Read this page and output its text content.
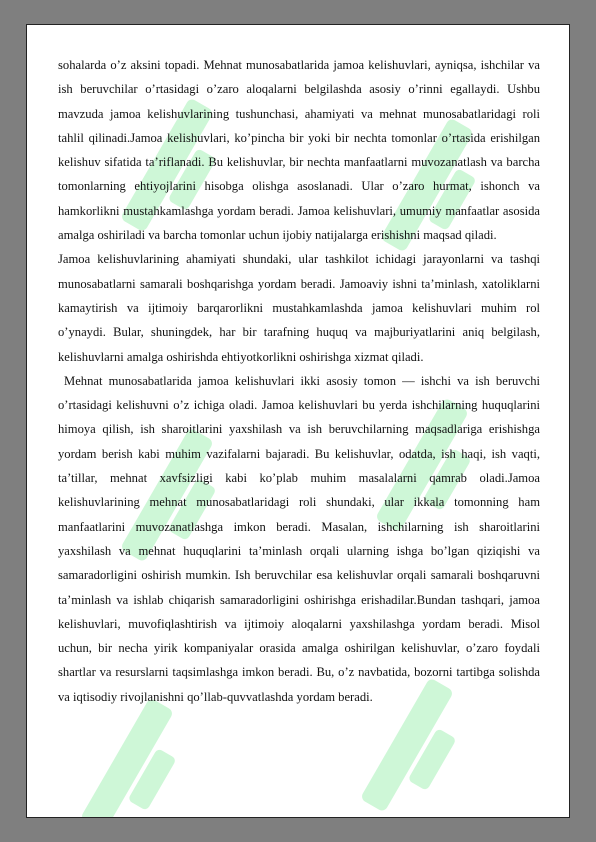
sohalarda o’z aksini topadi. Mehnat munosabatlarida jamoa kelishuvlari, ayniqsa, ishchilar va ish beruvchilar o’rtasidagi o’zaro aloqalarni belgilashda asosiy o’rinni egallaydi. Ushbu mavzuda jamoa kelishuvlarining tushunchasi, ahamiyati va mehnat munosabatlaridagi roli tahlil qilinadi.Jamoa kelishuvlari, ko’pincha bir yoki bir nechta tomonlar o’rtasida erishilgan kelishuv sifatida ta’riflanadi. Bu kelishuvlar, bir nechta manfaatlarni muvozanatlash va barcha tomonlarning ehtiyojlarini hisobga olishga asoslanadi. Ular o’zaro hurmat, ishonch va hamkorlikni mustahkamlashga yordam beradi. Jamoa kelishuvlari, umumiy manfaatlar asosida amalga oshiriladi va barcha tomonlar uchun ijobiy natijalarga erishishni maqsad qiladi.

Jamoa kelishuvlarining ahamiyati shundaki, ular tashkilot ichidagi jarayonlarni va tashqi munosabatlarni samarali boshqarishga yordam beradi. Jamoaviy ishni ta’minlash, xatoliklarni kamaytirish va ijtimoiy barqarorlikni mustahkamlashda jamoa kelishuvlari muhim rol o’ynaydi. Bular, shuningdek, har bir tarafning huquq va majburiyatlarini aniq belgilash, kelishuvlarni amalga oshirishda ehtiyotkorlikni oshirishga xizmat qiladi.

Mehnat munosabatlarida jamoa kelishuvlari ikki asosiy tomon — ishchi va ish beruvchi o’rtasidagi kelishuvni o’z ichiga oladi. Jamoa kelishuvlari bu yerda ishchilarning huquqlarini himoya qilish, ish sharoitlarini yaxshilash va ish beruvchilarning maqsadlariga erishishga yordam berish kabi muhim vazifalarni bajaradi. Bu kelishuvlar, odatda, ish haqi, ish vaqti, ta’tillar, mehnat xavfsizligi kabi ko’plab muhim masalalarni qamrab oladi.Jamoa kelishuvlarining mehnat munosabatlaridagi roli shundaki, ular ikkala tomonning ham manfaatlarini muvozanatlashga imkon beradi. Masalan, ishchilarning ish sharoitlarini yaxshilash va mehnat huquqlarini ta’minlash orqali ularning ishga bo’lgan qiziqishi va samaradorligini oshirish mumkin. Ish beruvchilar esa kelishuvlar orqali samarali boshqaruvni ta’minlash va ishlab chiqarish samaradorligini oshirishga erishadilar.Bundan tashqari, jamoa kelishuvlari, muvofiqlashtirish va ijtimoiy aloqalarni yaxshilashga yordam beradi. Misol uchun, bir necha yirik kompaniyalar orasida amalga oshirilgan kelishuvlar, o’zaro foydali shartlar va resurslarni taqsimlashga imkon beradi. Bu, o’z navbatida, bozorni tartibga solishda va iqtisodiy rivojlanishni qo’llab-quvvatlashda yordam beradi.
